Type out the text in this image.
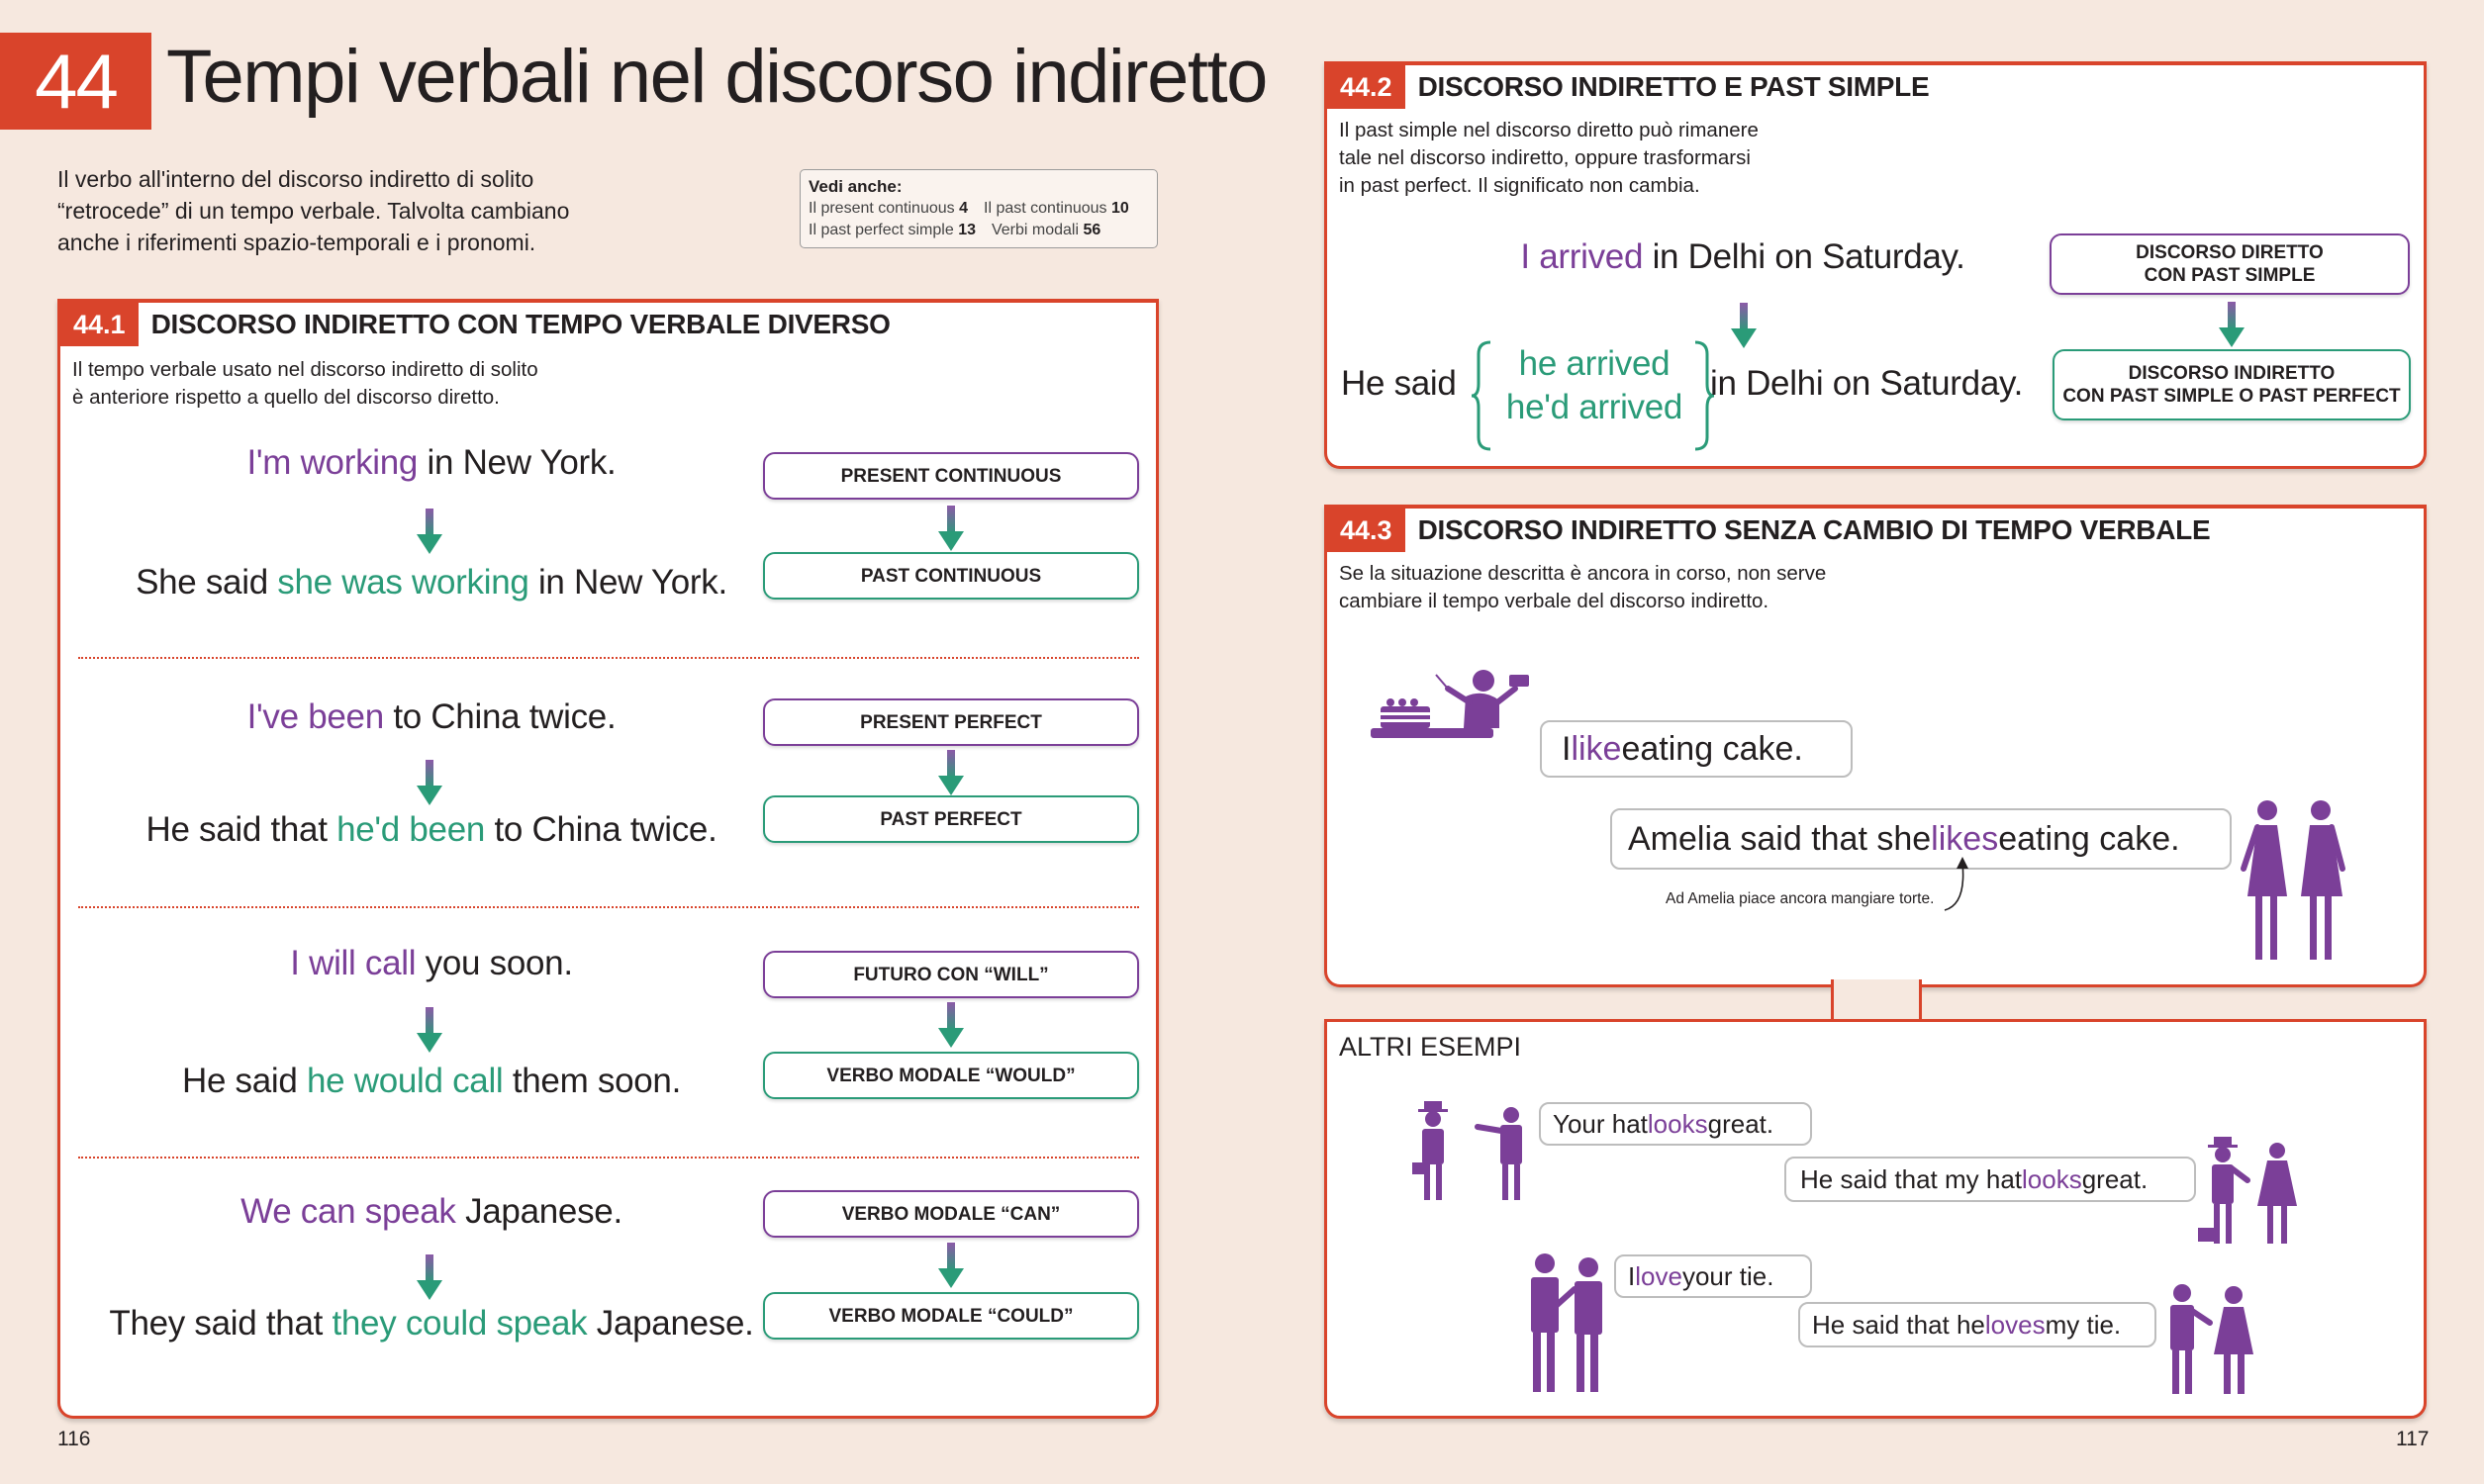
44 Tempi verbali nel discorso indiretto
Il verbo all'interno del discorso indiretto di solito
“retrocede” di un tempo verbale. Talvolta cambiano
anche i riferimenti spazio-temporali e i pronomi.
Vedi anche:
Il present continuous 4 Il past continuous 10
Il past perfect simple 13 Verbi modali 56
44.1 DISCORSO INDIRETTO CON TEMPO VERBALE DIVERSO
Il tempo verbale usato nel discorso indiretto di solito
è anteriore rispetto a quello del discorso diretto.
I'm working in New York.
She said she was working in New York.
PRESENT CONTINUOUS
PAST CONTINUOUS
I've been to China twice.
He said that he'd been to China twice.
PRESENT PERFECT
PAST PERFECT
I will call you soon.
He said he would call them soon.
FUTURO CON “WILL”
VERBO MODALE “WOULD”
We can speak Japanese.
They said that they could speak Japanese.
VERBO MODALE “CAN”
VERBO MODALE “COULD”
116
44.2 DISCORSO INDIRETTO E PAST SIMPLE
Il past simple nel discorso diretto può rimanere
tale nel discorso indiretto, oppure trasformarsi
in past perfect. Il significato non cambia.
I arrived in Delhi on Saturday.
He said
he arrived
he'd arrived
in Delhi on Saturday.
DISCORSO DIRETTO
CON PAST SIMPLE
DISCORSO INDIRETTO
CON PAST SIMPLE O PAST PERFECT
44.3 DISCORSO INDIRETTO SENZA CAMBIO DI TEMPO VERBALE
Se la situazione descritta è ancora in corso, non serve
cambiare il tempo verbale del discorso indiretto.
I like eating cake.
Amelia said that she likes eating cake.
Ad Amelia piace ancora mangiare torte.
ALTRI ESEMPI
Your hat looks great.
He said that my hat looks great.
I love your tie.
He said that he loves my tie.
117
